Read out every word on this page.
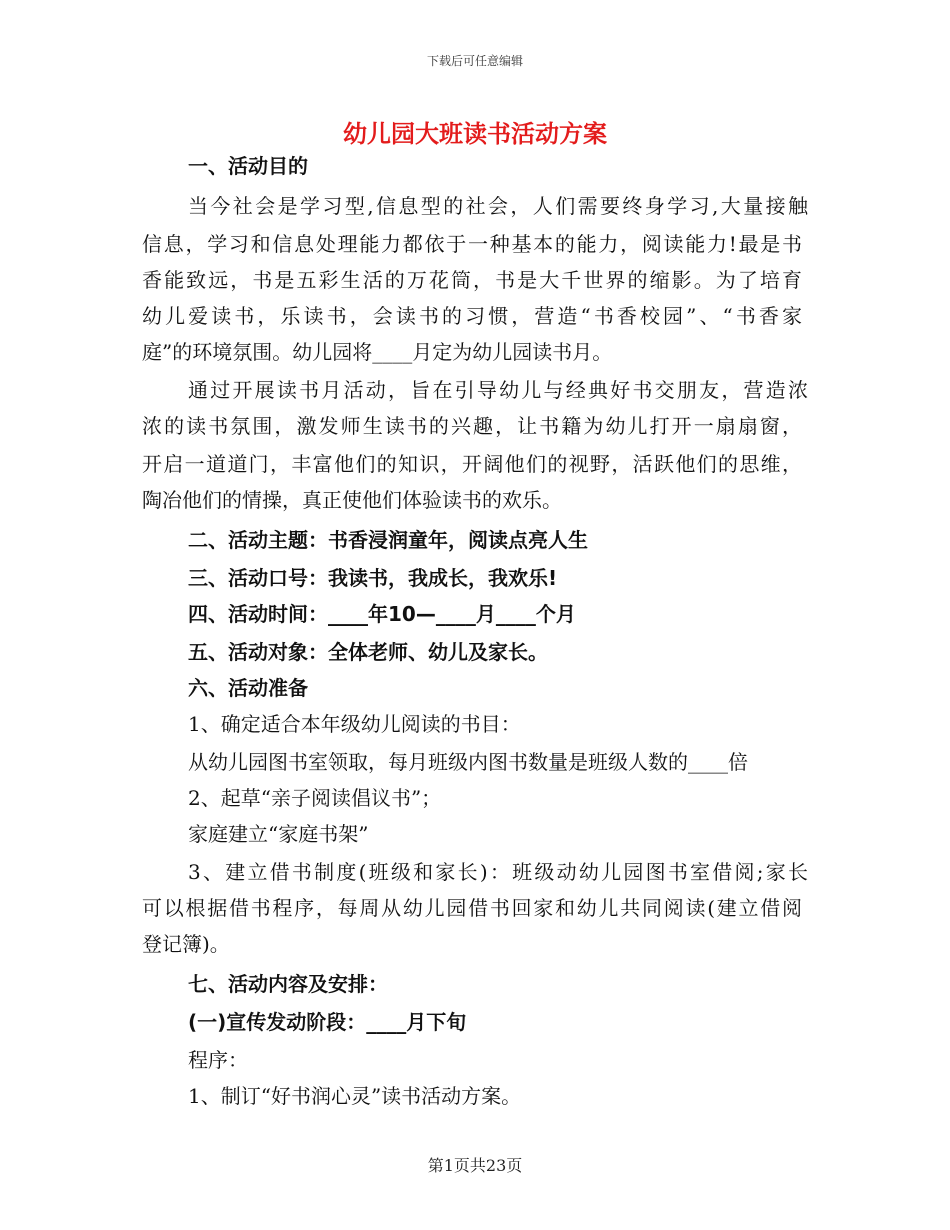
下载后可任意编辑
幼儿园大班读书活动方案
一、活动目的
当今社会是学习型,信息型的社会，人们需要终身学习,大量接触
信息，学习和信息处理能力都依于一种基本的能力，阅读能力!最是书
香能致远，书是五彩生活的万花筒，书是大千世界的缩影。为了培育
幼儿爱读书，乐读书，会读书的习惯，营造“书香校园”、“书香家
庭”的环境氛围。幼儿园将____月定为幼儿园读书月。
通过开展读书月活动，旨在引导幼儿与经典好书交朋友，营造浓
浓的读书氛围，激发师生读书的兴趣，让书籍为幼儿打开一扇扇窗，
开启一道道门，丰富他们的知识，开阔他们的视野，活跃他们的思维，
陶冶他们的情操，真正使他们体验读书的欢乐。
二、活动主题：书香浸润童年，阅读点亮人生
三、活动口号：我读书，我成长，我欢乐!
四、活动时间：____年10—____月____个月
五、活动对象：全体老师、幼儿及家长。
六、活动准备
1、确定适合本年级幼儿阅读的书目：
从幼儿园图书室领取，每月班级内图书数量是班级人数的____倍
2、起草“亲子阅读倡议书”；
家庭建立“家庭书架”
3、建立借书制度(班级和家长)：班级动幼儿园图书室借阅;家长
可以根据借书程序，每周从幼儿园借书回家和幼儿共同阅读(建立借阅
登记簿)。
七、活动内容及安排：
(一)宣传发动阶段：____月下旬
程序：
1、制订“好书润心灵”读书活动方案。
第1页共23页
